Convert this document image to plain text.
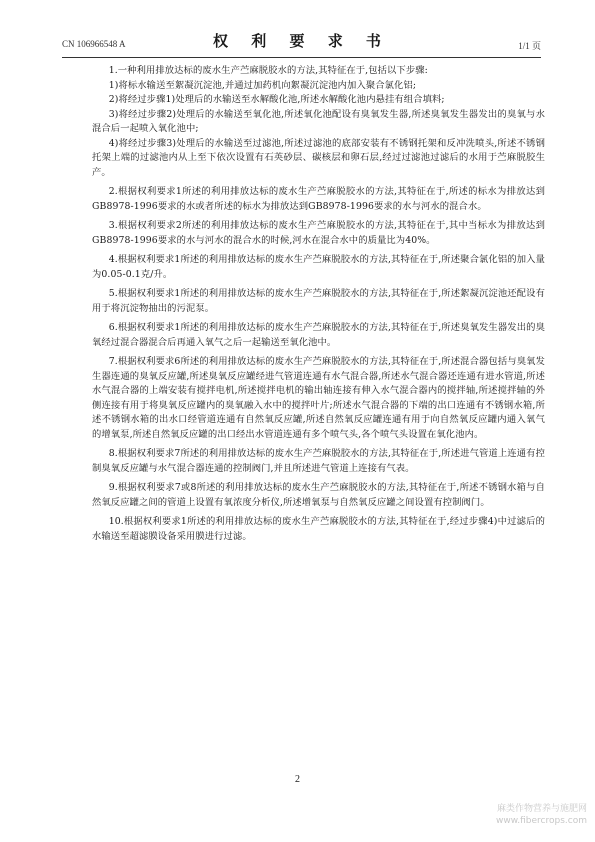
CN 106966548 A	权 利 要 求 书	1/1 页

1.一种利用排放达标的废水生产苎麻脱胶水的方法,其特征在于,包括以下步骤:

1)将标水输送至絮凝沉淀池,并通过加药机向絮凝沉淀池内加入聚合氯化铝;

2)将经过步骤1)处理后的水输送至水解酸化池,所述水解酸化池内悬挂有组合填料;

3)将经过步骤2)处理后的水输送至氧化池,所述氧化池配设有臭氧发生器,所述臭氧发生器发出的臭氧与水混合后一起喷入氧化池中;

4)将经过步骤3)处理后的水输送至过滤池,所述过滤池的底部安装有不锈钢托架和反冲洗喷头,所述不锈钢托架上端的过滤池内从上至下依次设置有石英砂层、碳核层和卵石层,经过过滤池过滤后的水用于苎麻脱胶生产。

2.根据权利要求1所述的利用排放达标的废水生产苎麻脱胶水的方法,其特征在于,所述的标水为排放达到GB8978-1996要求的水或者所述的标水为排放达到GB8978-1996要求的水与河水的混合水。

3.根据权利要求2所述的利用排放达标的废水生产苎麻脱胶水的方法,其特征在于,其中当标水为排放达到GB8978-1996要求的水与河水的混合水的时候,河水在混合水中的质量比为40%。

4.根据权利要求1所述的利用排放达标的废水生产苎麻脱胶水的方法,其特征在于,所述聚合氯化铝的加入量为0.05-0.1克/升。

5.根据权利要求1所述的利用排放达标的废水生产苎麻脱胶水的方法,其特征在于,所述絮凝沉淀池还配设有用于将沉淀物抽出的污泥泵。

6.根据权利要求1所述的利用排放达标的废水生产苎麻脱胶水的方法,其特征在于,所述臭氧发生器发出的臭氧经过混合器混合后再通入氧气之后一起输送至氧化池中。

7.根据权利要求6所述的利用排放达标的废水生产苎麻脱胶水的方法,其特征在于,所述混合器包括与臭氧发生器连通的臭氧反应罐,所述臭氧反应罐经进气管道连通有水气混合器,所述水气混合器还连通有进水管道,所述水气混合器的上端安装有搅拌电机,所述搅拌电机的输出轴连接有伸入水气混合器内的搅拌轴,所述搅拌轴的外侧连接有用于将臭氧反应罐内的臭氧融入水中的搅拌叶片;所述水气混合器的下端的出口连通有不锈钢水箱,所述不锈钢水箱的出水口经管道连通有自然氧反应罐,所述自然氧反应罐连通有用于向自然氧反应罐内通入氧气的增氧泵,所述自然氧反应罐的出口经出水管道连通有多个喷气头,各个喷气头设置在氧化池内。

8.根据权利要求7所述的利用排放达标的废水生产苎麻脱胶水的方法,其特征在于,所述进气管道上连通有控制臭氧反应罐与水气混合器连通的控制阀门,并且所述进气管道上连接有气表。

9.根据权利要求7或8所述的利用排放达标的废水生产苎麻脱胶水的方法,其特征在于,所述不锈钢水箱与自然氧反应罐之间的管道上设置有氧浓度分析仪,所述增氧泵与自然氧反应罐之间设置有控制阀门。

10.根据权利要求1所述的利用排放达标的废水生产苎麻脱胶水的方法,其特征在于,经过步骤4)中过滤后的水输送至超滤膜设备采用膜进行过滤。

2
麻类作物营养与施肥网
www.fibercrops.com
